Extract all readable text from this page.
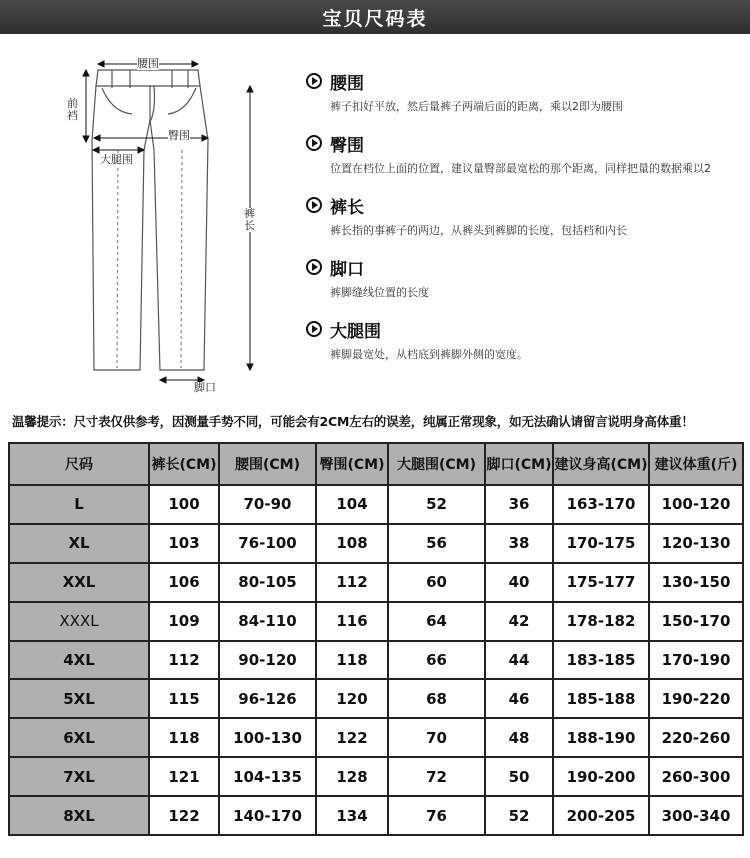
宝贝尺码表
腰围
前裆
臀围
大腿围
裤长
脚口
腰围
裤子扣好平放，然后量裤子两端后面的距离，乘以2即为腰围
臀围
位置在档位上面的位置，建议量臀部最宽松的那个距离，同样把量的数据乘以2
裤长
裤长指的事裤子的两边，从裤头到裤脚的长度，包括档和内长
脚口
裤脚缝线位置的长度
大腿围
裤脚最宽处，从档底到裤脚外侧的宽度。
温馨提示：尺寸表仅供参考，因测量手势不同，可能会有2CM左右的误差，纯属正常现象，如无法确认请留言说明身高体重！
尺码	裤长(CM)	腰围(CM)	臀围(CM)	大腿围(CM)	脚口(CM)	建议身高(CM)	建议体重(斤)
L	100	70-90	104	52	36	163-170	100-120
XL	103	76-100	108	56	38	170-175	120-130
XXL	106	80-105	112	60	40	175-177	130-150
XXXL	109	84-110	116	64	42	178-182	150-170
4XL	112	90-120	118	66	44	183-185	170-190
5XL	115	96-126	120	68	46	185-188	190-220
6XL	118	100-130	122	70	48	188-190	220-260
7XL	121	104-135	128	72	50	190-200	260-300
8XL	122	140-170	134	76	52	200-205	300-340
